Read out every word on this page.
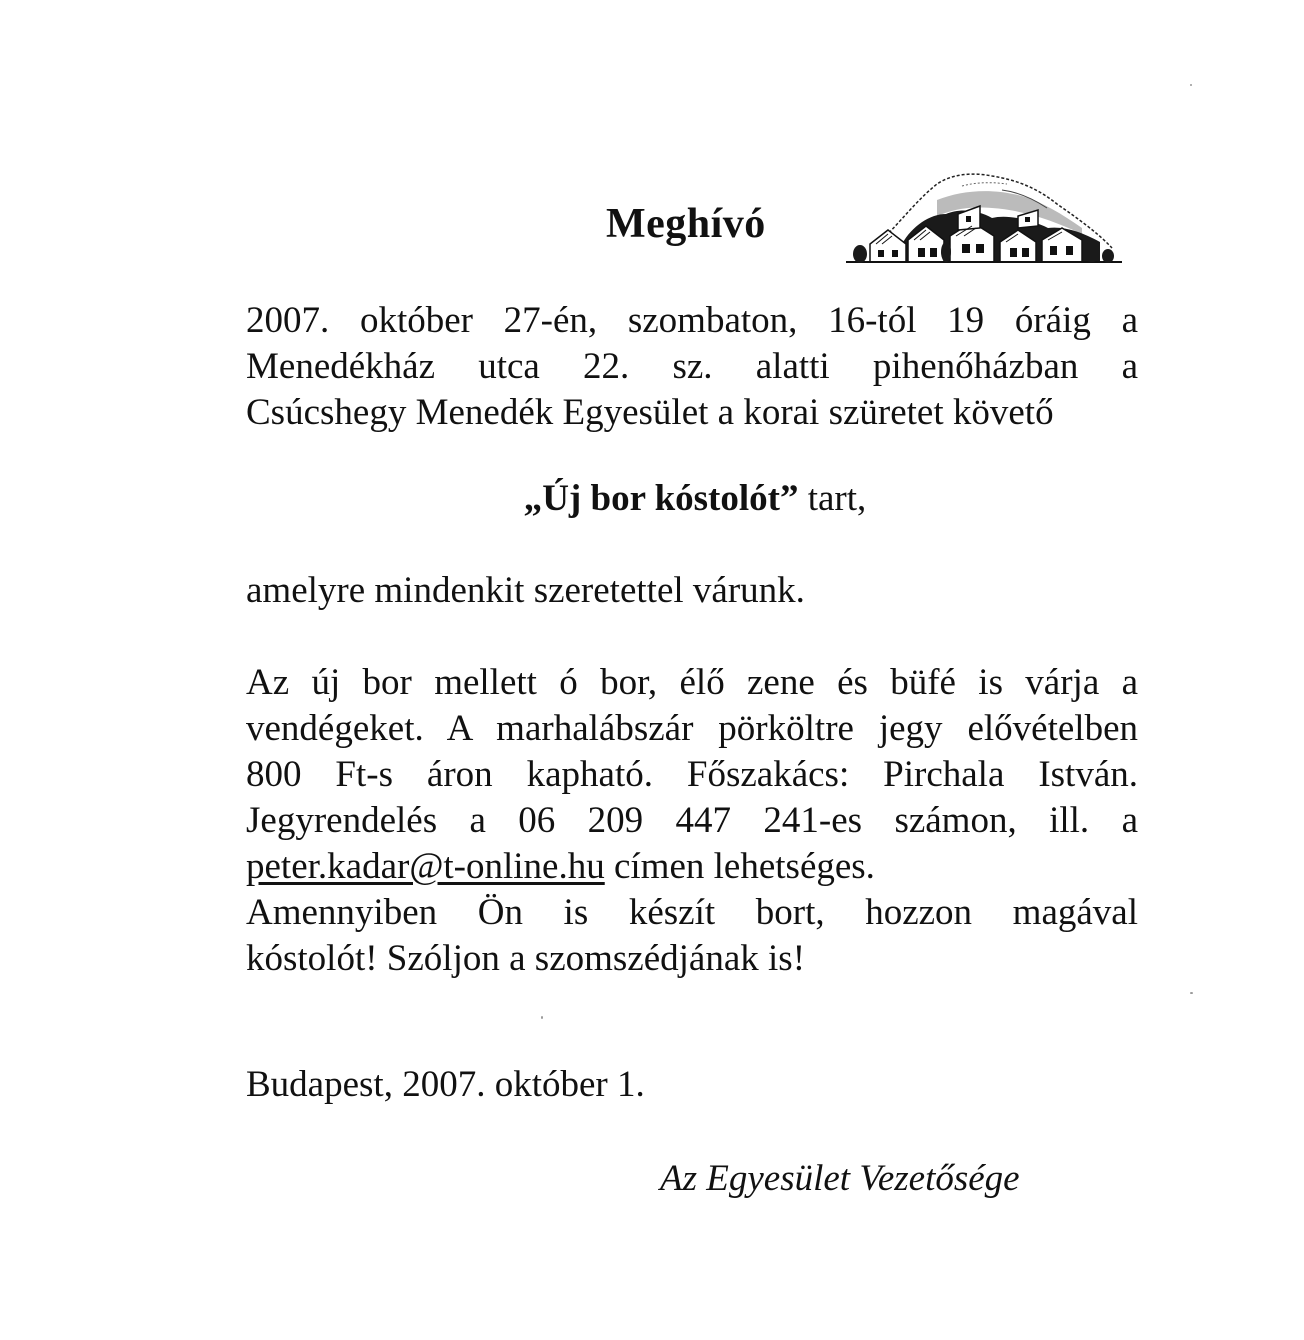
Meghívó
2007. október 27-én, szombaton, 16-tól 19 óráig a
Menedékház utca 22. sz. alatti pihenőházban a
Csúcshegy Menedék Egyesület a korai szüretet követő
„Új bor kóstolót” tart,
amelyre mindenkit szeretettel várunk.
Az új bor mellett ó bor, élő zene és büfé is várja a
vendégeket. A marhalábszár pörköltre jegy elővételben
800 Ft-s áron kapható. Főszakács: Pirchala István.
Jegyrendelés a 06 209 447 241-es számon, ill. a
peter.kadar@t-online.hu címen lehetséges.
Amennyiben Ön is készít bort, hozzon magával
kóstolót! Szóljon a szomszédjának is!
Budapest, 2007. október 1.
Az Egyesület Vezetősége
